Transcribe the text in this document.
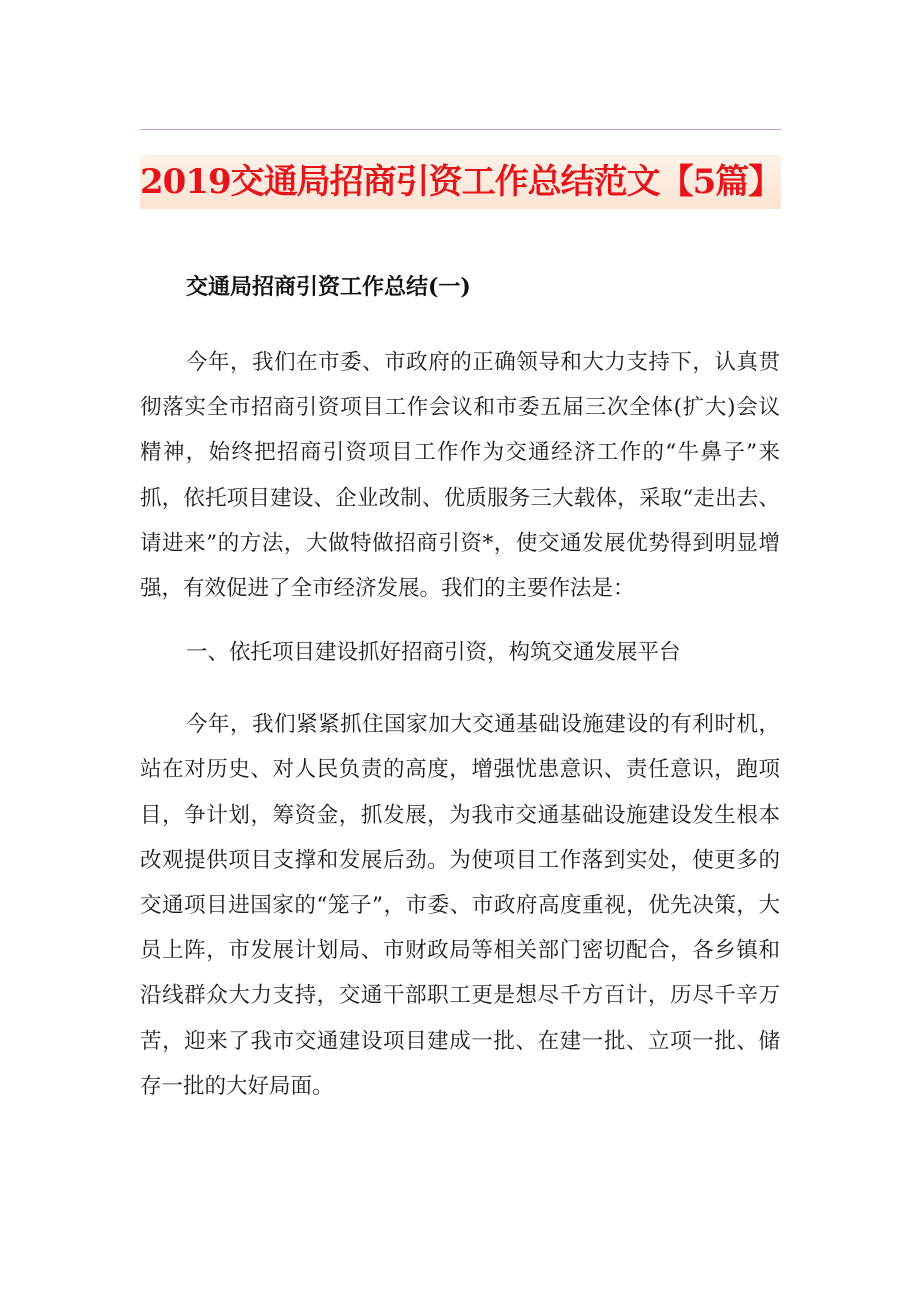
2019交通局招商引资工作总结范文【5篇】
交通局招商引资工作总结(一)

今年，我们在市委、市政府的正确领导和大力支持下，认真贯彻落实全市招商引资项目工作会议和市委五届三次全体(扩大)会议精神，始终把招商引资项目工作作为交通经济工作的“牛鼻子”来抓，依托项目建设、企业改制、优质服务三大载体，采取“走出去、请进来”的方法，大做特做招商引资*，使交通发展优势得到明显增强，有效促进了全市经济发展。我们的主要作法是：

一、依托项目建设抓好招商引资，构筑交通发展平台

今年，我们紧紧抓住国家加大交通基础设施建设的有利时机，站在对历史、对人民负责的高度，增强忧患意识、责任意识，跑项目，争计划，筹资金，抓发展，为我市交通基础设施建设发生根本改观提供项目支撑和发展后劲。为使项目工作落到实处，使更多的交通项目进国家的“笼子”，市委、市政府高度重视，优先决策，大员上阵，市发展计划局、市财政局等相关部门密切配合，各乡镇和沿线群众大力支持，交通干部职工更是想尽千方百计，历尽千辛万苦，迎来了我市交通建设项目建成一批、在建一批、立项一批、储存一批的大好局面。
